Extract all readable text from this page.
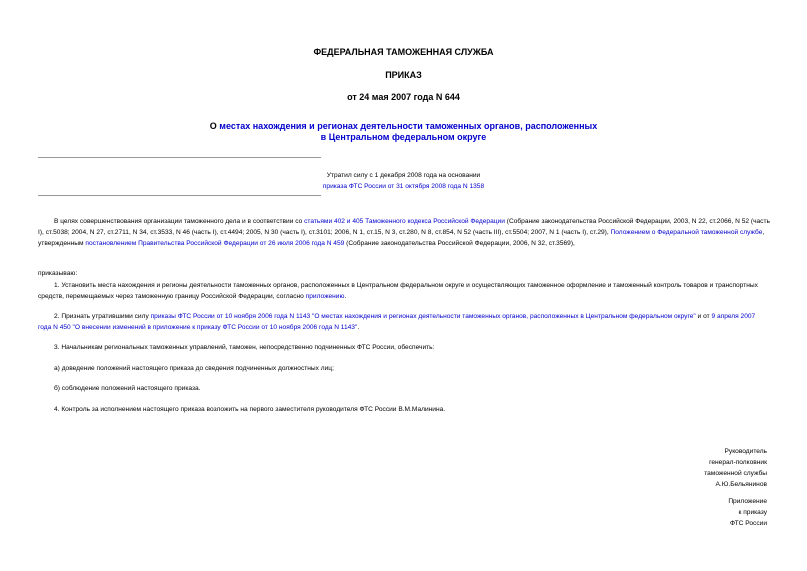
ФЕДЕРАЛЬНАЯ ТАМОЖЕННАЯ СЛУЖБА
ПРИКАЗ
от 24 мая 2007 года N 644
О местах нахождения и регионах деятельности таможенных органов, расположенных
в Центральном федеральном округе
Утратил силу с 1 декабря 2008 года на основании
приказа ФТС России от 31 октября 2008 года N 1358
В целях совершенствования организации таможенного дела и в соответствии со статьями 402 и 405 Таможенного кодекса Российской Федерации (Собрание законодательства Российской Федерации, 2003, N 22, ст.2066, N 52 (часть I), ст.5038; 2004, N 27, ст.2711, N 34, ст.3533, N 46 (часть I), ст.4494; 2005, N 30 (часть I), ст.3101; 2006, N 1, ст.15, N 3, ст.280, N 8, ст.854, N 52 (часть III), ст.5504; 2007, N 1 (часть I), ст.29), Положением о Федеральной таможенной службе, утвержденным постановлением Правительства Российской Федерации от 26 июля 2006 года N 459 (Собрание законодательства Российской Федерации, 2006, N 32, ст.3569),
приказываю:
1. Установить места нахождения и регионы деятельности таможенных органов, расположенных в Центральном федеральном округе и осуществляющих таможенное оформление и таможенный контроль товаров и транспортных средств, перемещаемых через таможенную границу Российской Федерации, согласно приложению.
2. Признать утратившими силу приказы ФТС России от 10 ноября 2006 года N 1143 "О местах нахождения и регионах деятельности таможенных органов, расположенных в Центральном федеральном округе" и от 9 апреля 2007 года N 450 "О внесении изменений в приложение к приказу ФТС России от 10 ноября 2006 года N 1143".
3. Начальникам региональных таможенных управлений, таможен, непосредственно подчиненных ФТС России, обеспечить:
а) доведение положений настоящего приказа до сведения подчиненных должностных лиц;
б) соблюдение положений настоящего приказа.
4. Контроль за исполнением настоящего приказа возложить на первого заместителя руководителя ФТС России В.М.Малинина.
Руководитель
генерал-полковник
таможенной службы
А.Ю.Бельянинов
Приложение
к приказу
ФТС России
